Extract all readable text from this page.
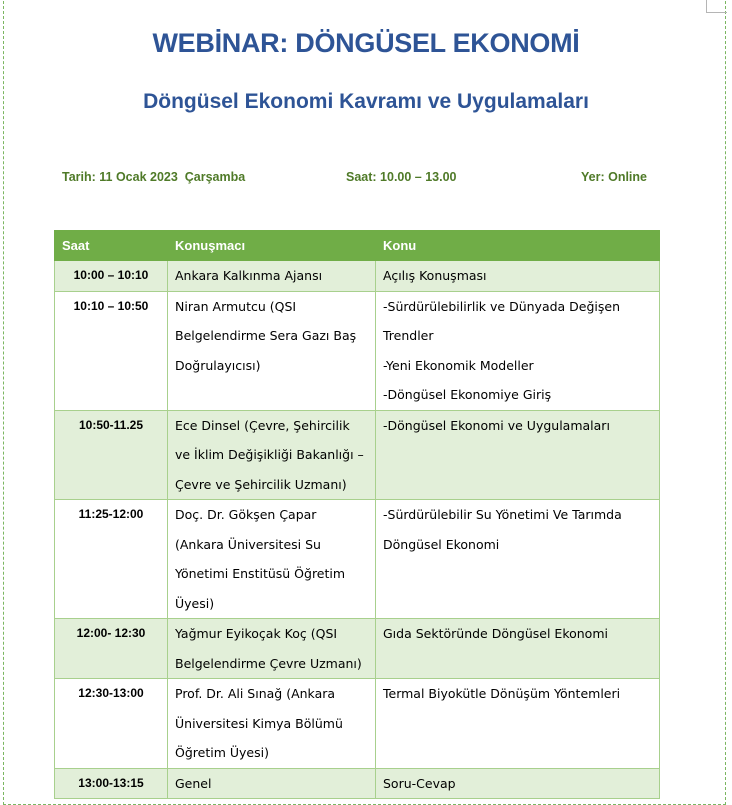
WEBİNAR: DÖNGÜSEL EKONOMİ
Döngüsel Ekonomi Kavramı ve Uygulamaları
Tarih: 11 Ocak 2023  Çarşamba	Saat: 10.00 – 13.00	Yer: Online
Saat	Konuşmacı	Konu
10:00 – 10:10	Ankara Kalkınma Ajansı	Açılış Konuşması

10:10 – 10:50	Niran Armutcu (QSI
Belgelendirme Sera Gazı Baş
Doğrulayıcısı)	-Sürdürülebilirlik ve Dünyada Değişen
Trendler
-Yeni Ekonomik Modeller
-Döngüsel Ekonomiye Giriş

10:50-11.25	Ece Dinsel (Çevre, Şehircilik
ve İklim Değişikliği Bakanlığı –
Çevre ve Şehircilik Uzmanı)	-Döngüsel Ekonomi ve Uygulamaları

11:25-12:00	Doç. Dr. Gökşen Çapar
(Ankara Üniversitesi Su
Yönetimi Enstitüsü Öğretim
Üyesi)	-Sürdürülebilir Su Yönetimi Ve Tarımda
Döngüsel Ekonomi

12:00- 12:30	Yağmur Eyikoçak Koç (QSI
Belgelendirme Çevre Uzmanı)	Gıda Sektöründe Döngüsel Ekonomi

12:30-13:00	Prof. Dr. Ali Sınağ (Ankara
Üniversitesi Kimya Bölümü
Öğretim Üyesi)	Termal Biyokütle Dönüşüm Yöntemleri

13:00-13:15	Genel	Soru-Cevap
